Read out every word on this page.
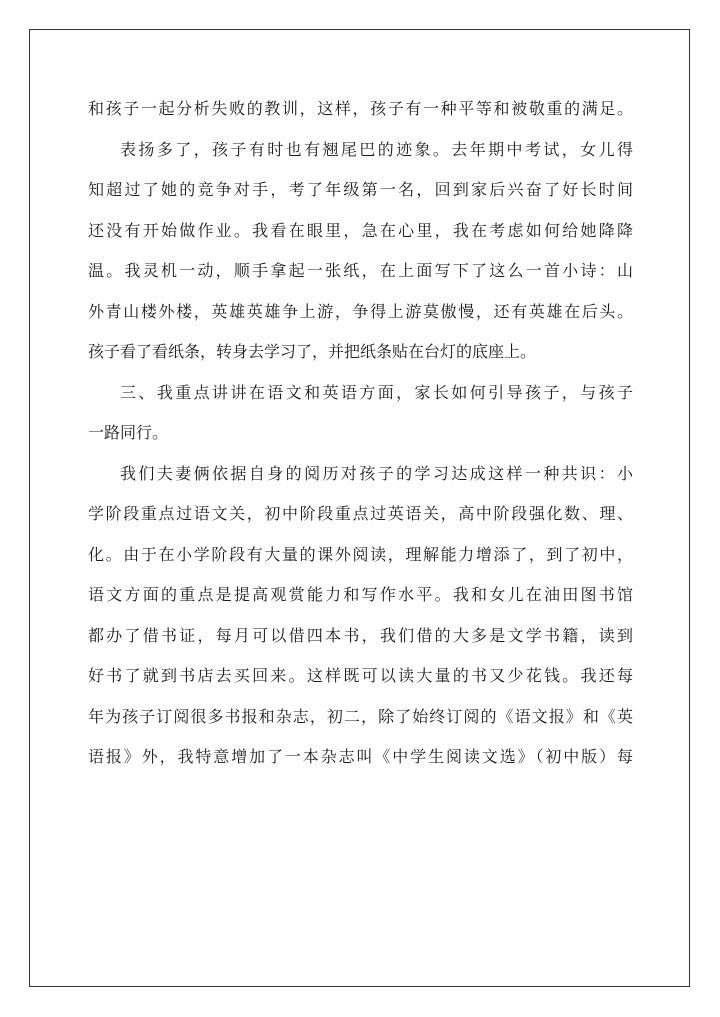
和孩子一起分析失败的教训，这样，孩子有一种平等和被敬重的满足。
表扬多了，孩子有时也有翘尾巴的迹象。去年期中考试，女儿得
知超过了她的竞争对手，考了年级第一名，回到家后兴奋了好长时间
还没有开始做作业。我看在眼里，急在心里，我在考虑如何给她降降
温。我灵机一动，顺手拿起一张纸，在上面写下了这么一首小诗：山
外青山楼外楼，英雄英雄争上游，争得上游莫傲慢，还有英雄在后头。
孩子看了看纸条，转身去学习了，并把纸条贴在台灯的底座上。
三、我重点讲讲在语文和英语方面，家长如何引导孩子，与孩子
一路同行。
我们夫妻俩依据自身的阅历对孩子的学习达成这样一种共识：小
学阶段重点过语文关，初中阶段重点过英语关，高中阶段强化数、理、
化。由于在小学阶段有大量的课外阅读，理解能力增添了，到了初中，
语文方面的重点是提高观赏能力和写作水平。我和女儿在油田图书馆
都办了借书证，每月可以借四本书，我们借的大多是文学书籍，读到
好书了就到书店去买回来。这样既可以读大量的书又少花钱。我还每
年为孩子订阅很多书报和杂志，初二，除了始终订阅的《语文报》和《英
语报》外，我特意增加了一本杂志叫《中学生阅读文选》（初中版）每
